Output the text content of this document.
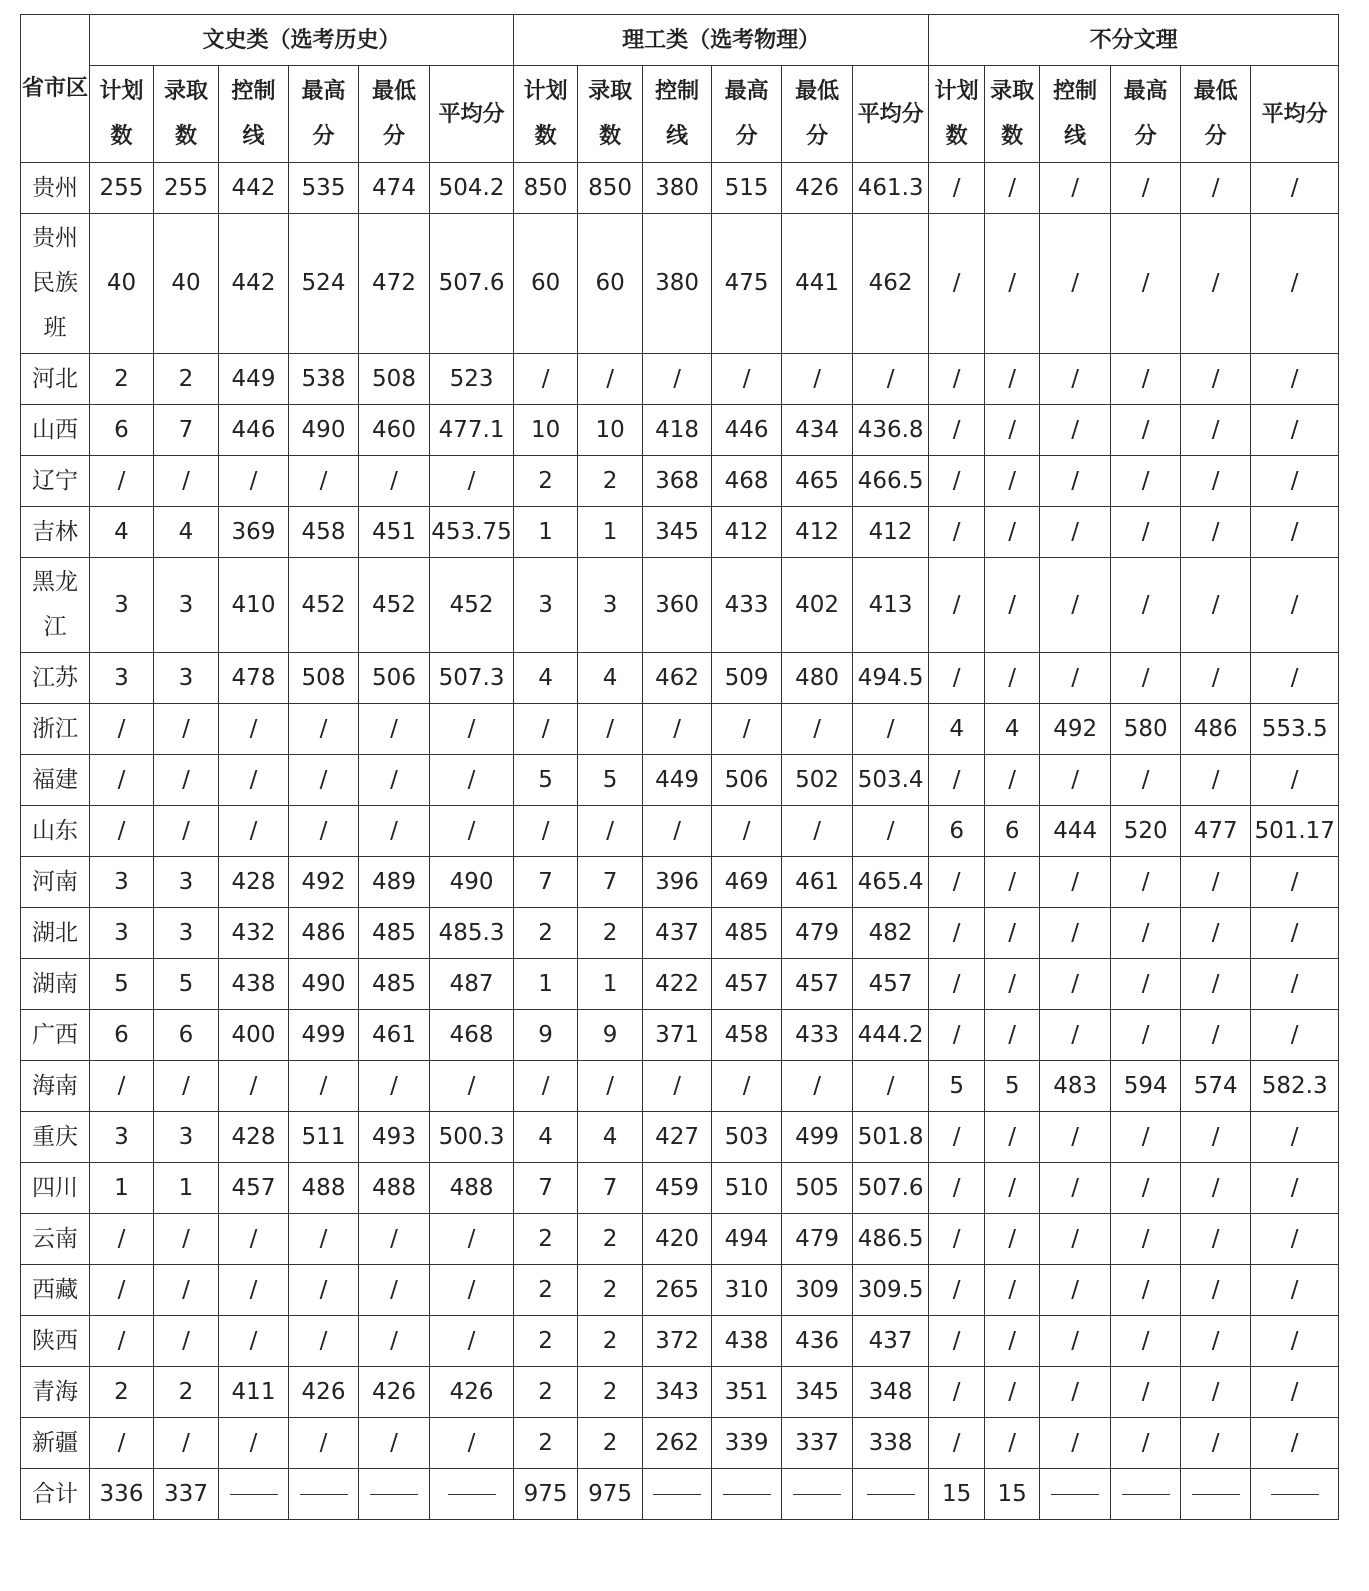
省市区	文史类（选考历史）						理工类（选考物理）						不分文理					
	计划数	录取数	控制线	最高分	最低分	平均分	计划数	录取数	控制线	最高分	最低分	平均分	计划数	录取数	控制线	最高分	最低分	平均分
贵州	255	255	442	535	474	504.2	850	850	380	515	426	461.3	/	/	/	/	/	/
贵州民族班	40	40	442	524	472	507.6	60	60	380	475	441	462	/	/	/	/	/	/
河北	2	2	449	538	508	523	/	/	/	/	/	/	/	/	/	/	/	/
山西	6	7	446	490	460	477.1	10	10	418	446	434	436.8	/	/	/	/	/	/
辽宁	/	/	/	/	/	/	2	2	368	468	465	466.5	/	/	/	/	/	/
吉林	4	4	369	458	451	453.75	1	1	345	412	412	412	/	/	/	/	/	/
黑龙江	3	3	410	452	452	452	3	3	360	433	402	413	/	/	/	/	/	/
江苏	3	3	478	508	506	507.3	4	4	462	509	480	494.5	/	/	/	/	/	/
浙江	/	/	/	/	/	/	/	/	/	/	/	/	4	4	492	580	486	553.5
福建	/	/	/	/	/	/	5	5	449	506	502	503.4	/	/	/	/	/	/
山东	/	/	/	/	/	/	/	/	/	/	/	/	6	6	444	520	477	501.17
河南	3	3	428	492	489	490	7	7	396	469	461	465.4	/	/	/	/	/	/
湖北	3	3	432	486	485	485.3	2	2	437	485	479	482	/	/	/	/	/	/
湖南	5	5	438	490	485	487	1	1	422	457	457	457	/	/	/	/	/	/
广西	6	6	400	499	461	468	9	9	371	458	433	444.2	/	/	/	/	/	/
海南	/	/	/	/	/	/	/	/	/	/	/	/	5	5	483	594	574	582.3
重庆	3	3	428	511	493	500.3	4	4	427	503	499	501.8	/	/	/	/	/	/
四川	1	1	457	488	488	488	7	7	459	510	505	507.6	/	/	/	/	/	/
云南	/	/	/	/	/	/	2	2	420	494	479	486.5	/	/	/	/	/	/
西藏	/	/	/	/	/	/	2	2	265	310	309	309.5	/	/	/	/	/	/
陕西	/	/	/	/	/	/	2	2	372	438	436	437	/	/	/	/	/	/
青海	2	2	411	426	426	426	2	2	343	351	345	348	/	/	/	/	/	/
新疆	/	/	/	/	/	/	2	2	262	339	337	338	/	/	/	/	/	/
合计	336	337					975	975					15	15				
